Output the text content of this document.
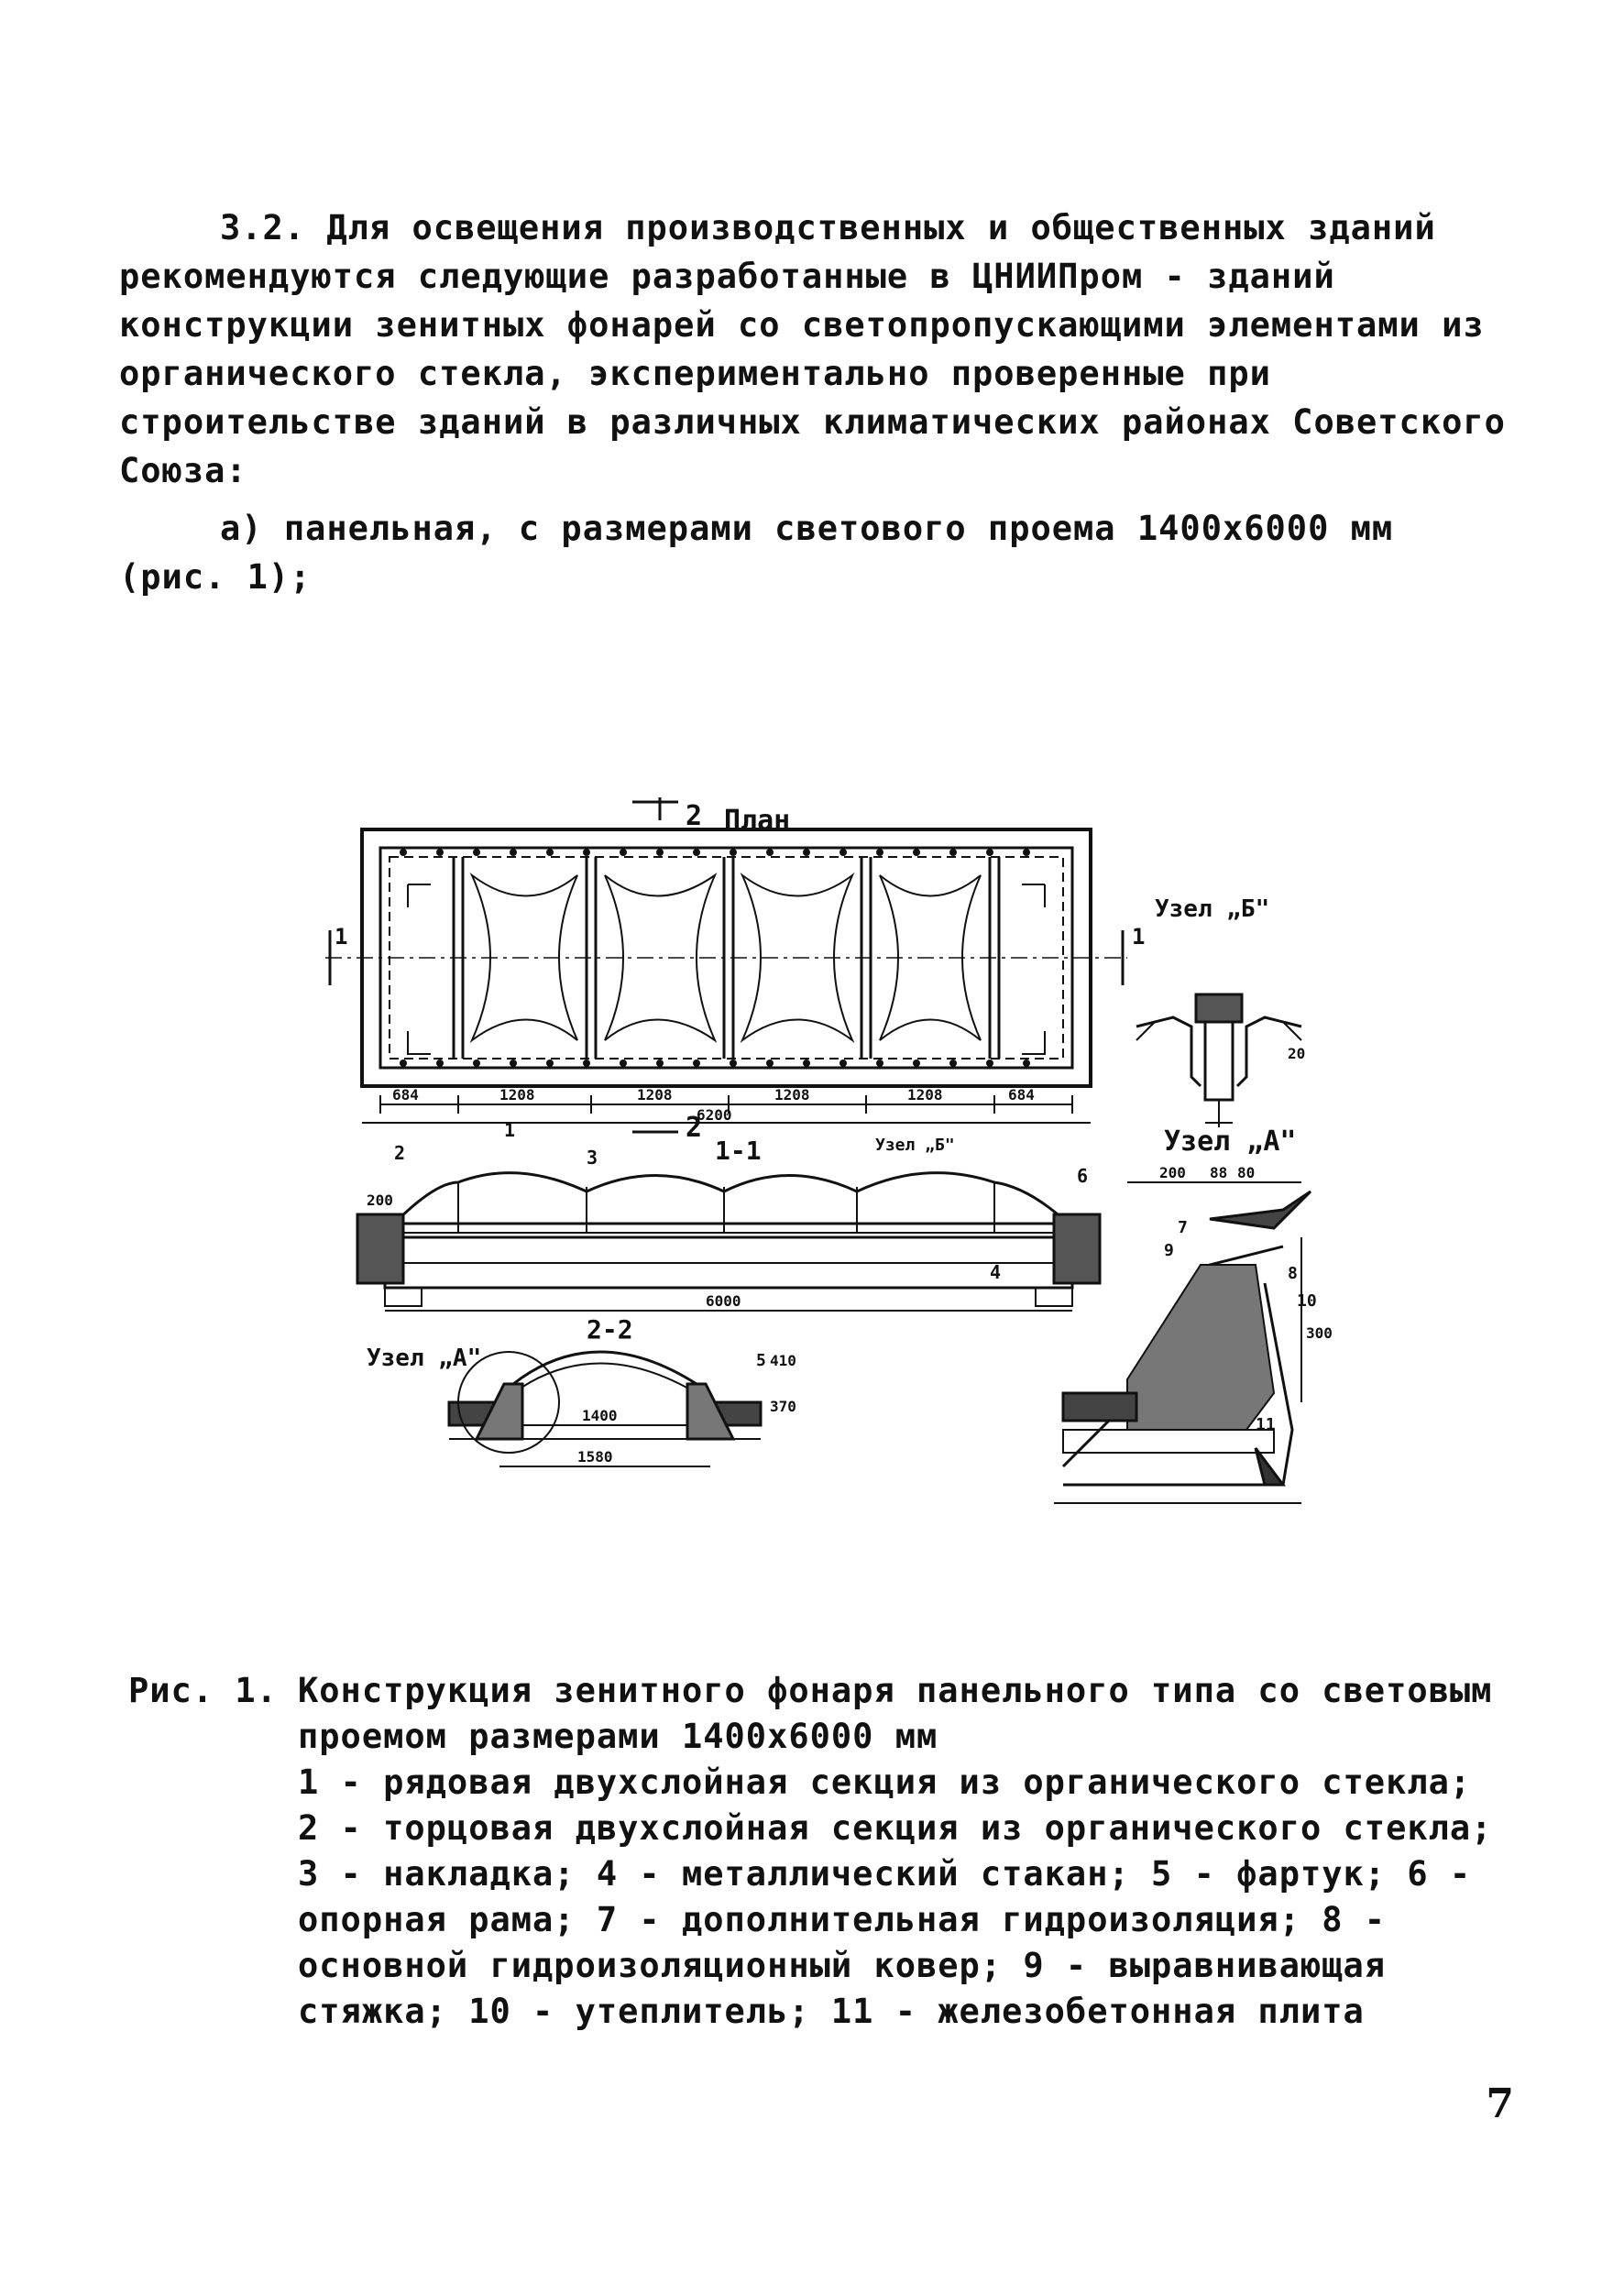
3.2. Для освещения производственных и общественных зданий рекомендуются следующие разработанные в ЦНИИПром - зданий конструкции зенитных фонарей со светопропускающими элементами из органического стекла, экспериментально проверенные при строительстве зданий в различных климатических районах Советского Союза:

а) панельная, с размерами светового проема 1400х6000 мм (рис. 1);

План
1	1
2
2
684	1208	1208	1208	1208	684
6200
1-1
6000
200
Узел „Б"
2-2
1400
1580
Узел „А"	410
370
Узел „Б"
20
Узел „А"
200 88 80
300
1
2	3
4
5
6
7
8
9
10
11
Рис. 1. Конструкция зенитного фонаря панельного типа со световым проемом размерами 1400х6000 мм
1 - рядовая двухслойная секция из органического стекла; 2 - торцовая двухслойная секция из органического стекла; 3 - накладка; 4 - металлический стакан; 5 - фартук; 6 - опорная рама; 7 - дополнительная гидроизоляция; 8 - основной гидроизоляционный ковер; 9 - выравнивающая стяжка; 10 - утеплитель; 11 - железобетонная плита
7
